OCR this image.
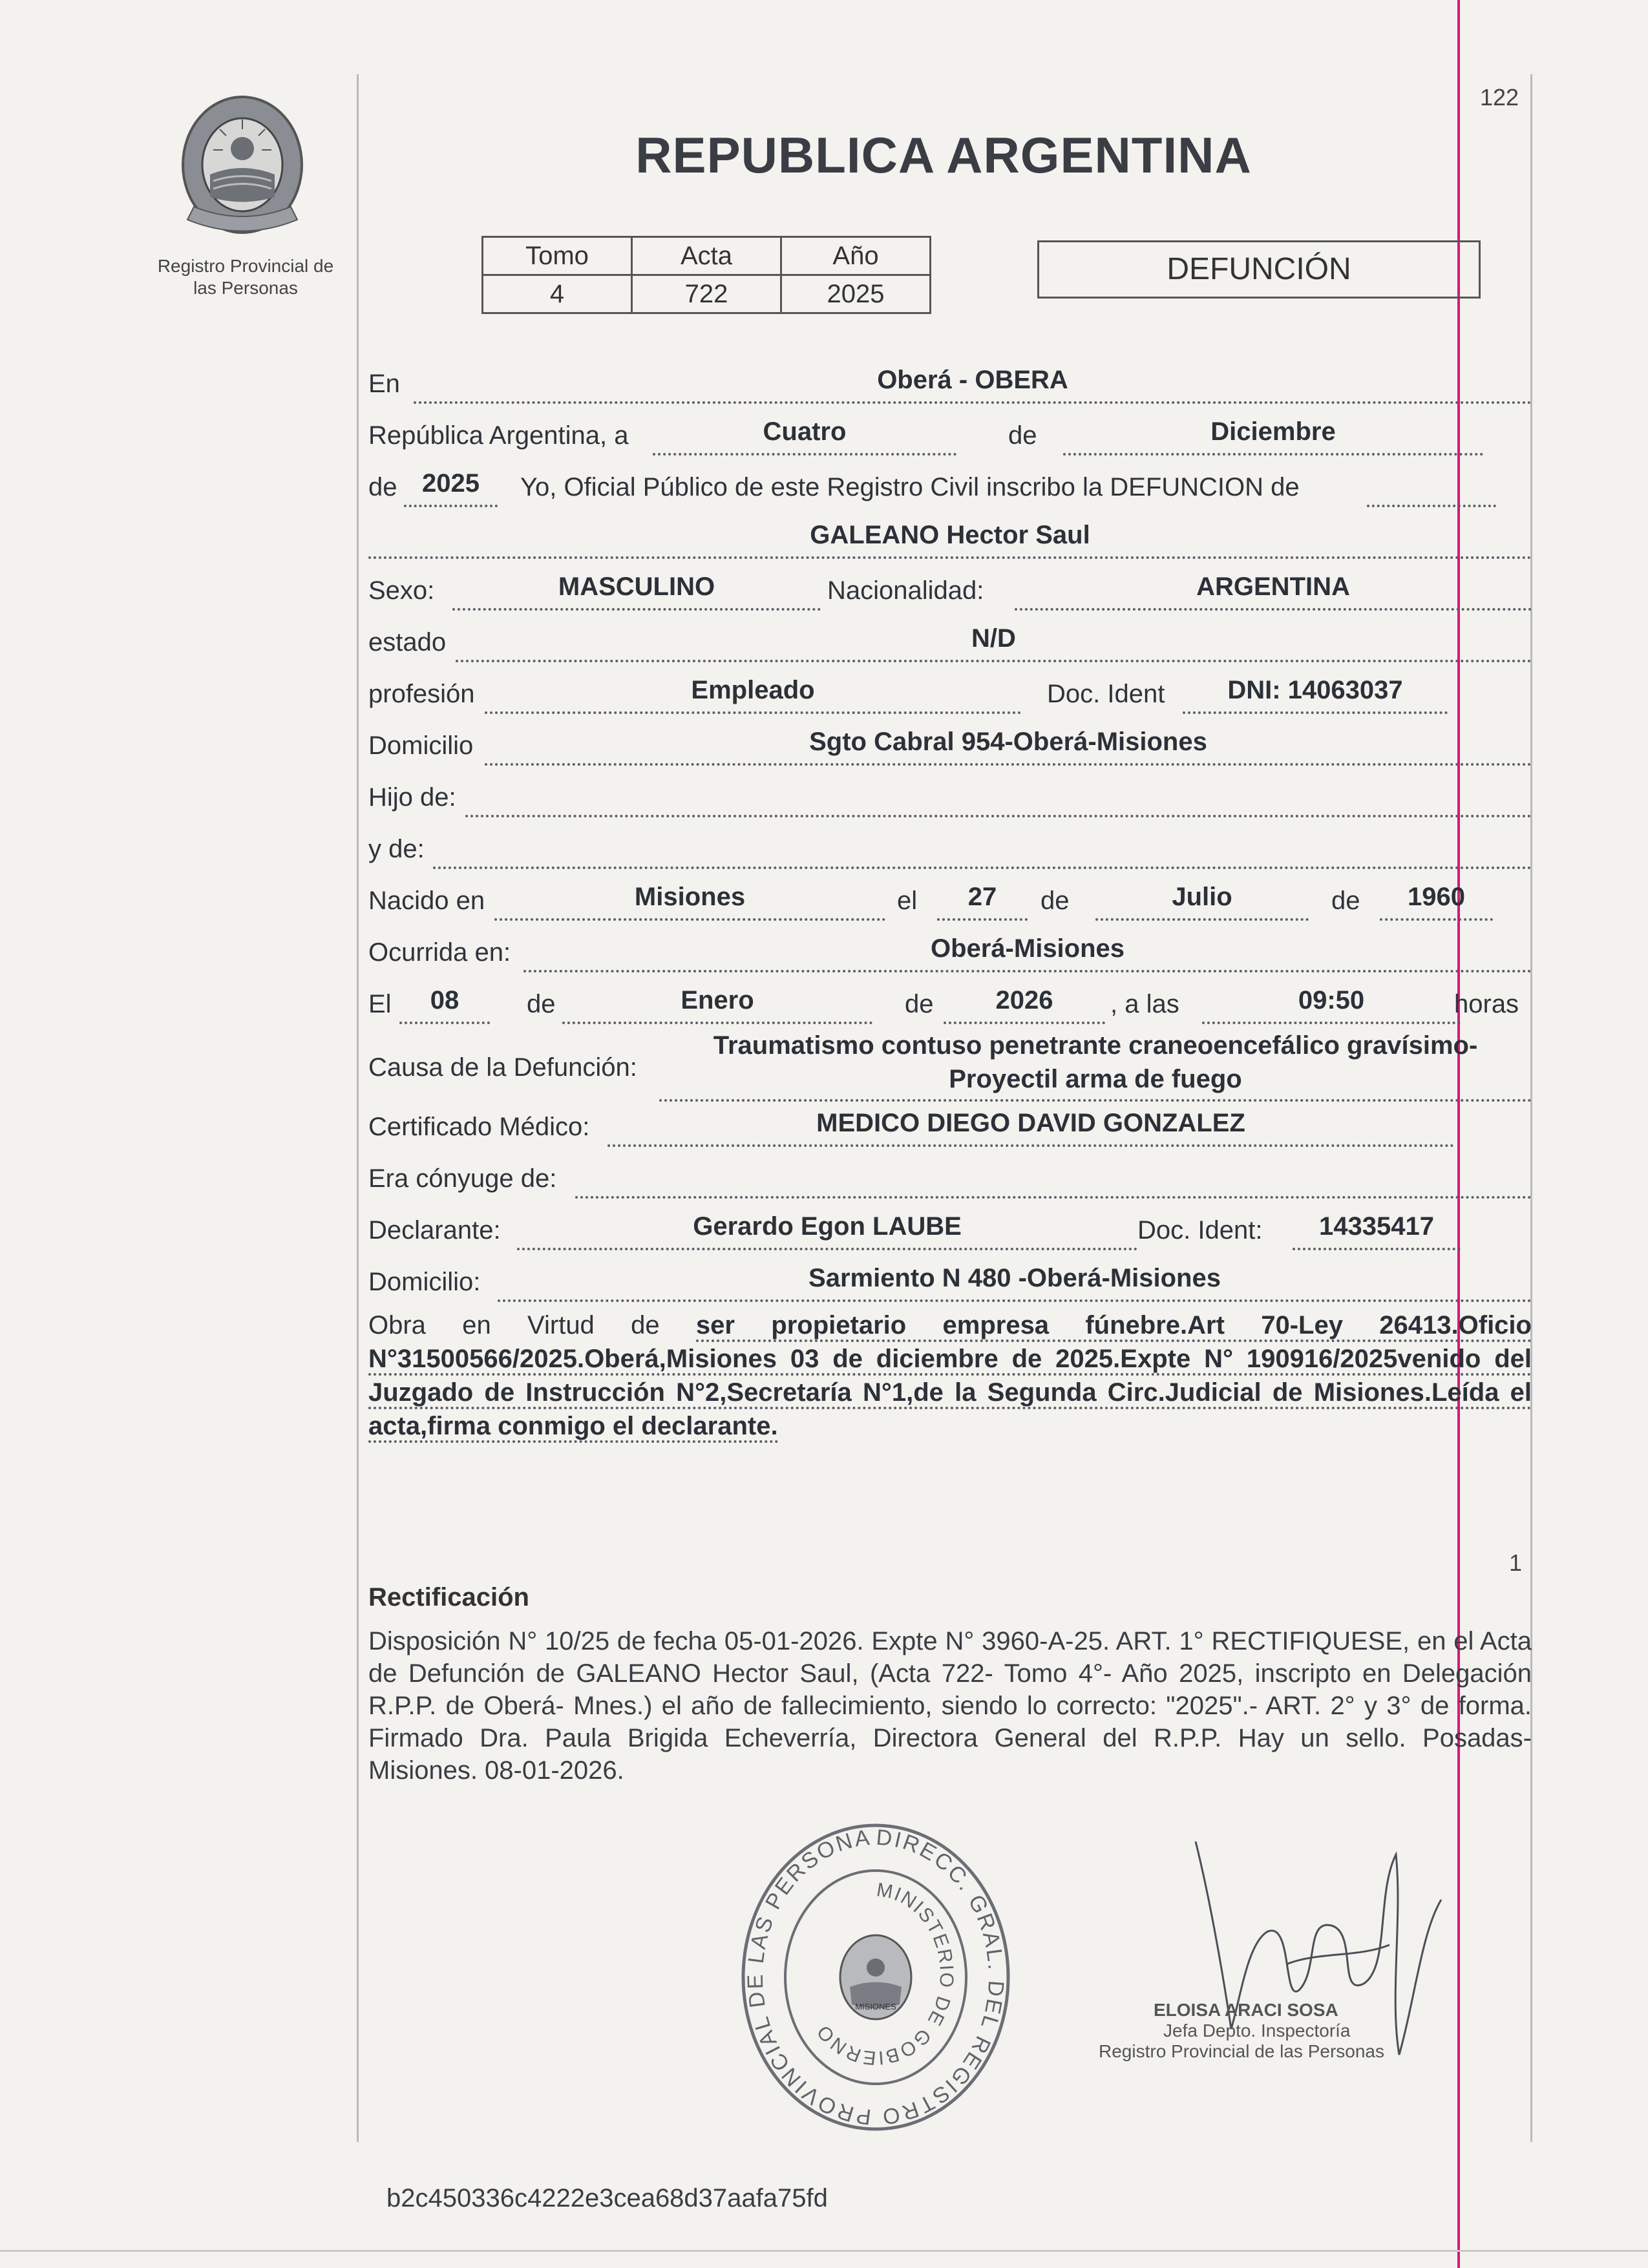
Registro Provincial de
las Personas
122
REPUBLICA ARGENTINA
Tomo	Acta	Año
4	722	2025
DEFUNCIÓN
En	Oberá - OBERA
República Argentina, a	Cuatro	de	Diciembre
de 2025	Yo, Oficial Público de este Registro Civil inscribo la DEFUNCION de
GALEANO Hector Saul
Sexo:	MASCULINO	Nacionalidad:	ARGENTINA
estado	N/D
profesión	Empleado	Doc. Ident	DNI: 14063037
Domicilio	Sgto Cabral 954-Oberá-Misiones
Hijo de:
y de:
Nacido en	Misiones	el	27	de	Julio	de	1960
Ocurrida en:	Oberá-Misiones
El	08	de	Enero	de	2026	, a las	09:50	horas
Causa de la Defunción:
Traumatismo contuso penetrante craneoencefálico gravísimo-
Proyectil arma de fuego
Certificado Médico:	MEDICO DIEGO DAVID GONZALEZ
Era cónyuge de:
Declarante:	Gerardo Egon LAUBE	Doc. Ident:	14335417
Domicilio:	Sarmiento N 480 -Oberá-Misiones
Obra en Virtud de ser propietario empresa fúnebre.Art 70-Ley 26413.Oficio N°31500566/2025.Oberá,Misiones 03 de diciembre de 2025.Expte N° 190916/2025venido del Juzgado de Instrucción N°2,Secretaría N°1,de la Segunda Circ.Judicial de Misiones.Leída el acta,firma conmigo el declarante.
1
Rectificación
Disposición N° 10/25 de fecha 05-01-2026. Expte N° 3960-A-25. ART. 1° RECTIFIQUESE, en el Acta de Defunción de GALEANO Hector Saul, (Acta 722- Tomo 4°- Año 2025, inscripto en Delegación R.P.P. de Oberá- Mnes.) el año de fallecimiento, siendo lo correcto: "2025".- ART. 2° y 3° de forma. Firmado Dra. Paula Brigida Echeverría, Directora General del R.P.P. Hay un sello. Posadas- Misiones. 08-01-2026.
DIRECC. GRAL. DEL REGISTRO PROVINCIAL DE LAS PERSONA
MINISTERIO DE GOBIERNO
MISIONES	ELOISA ARACI SOSA
Jefa Depto. Inspectoría
Registro Provincial de las Personas
b2c450336c4222e3cea68d37aafa75fd
